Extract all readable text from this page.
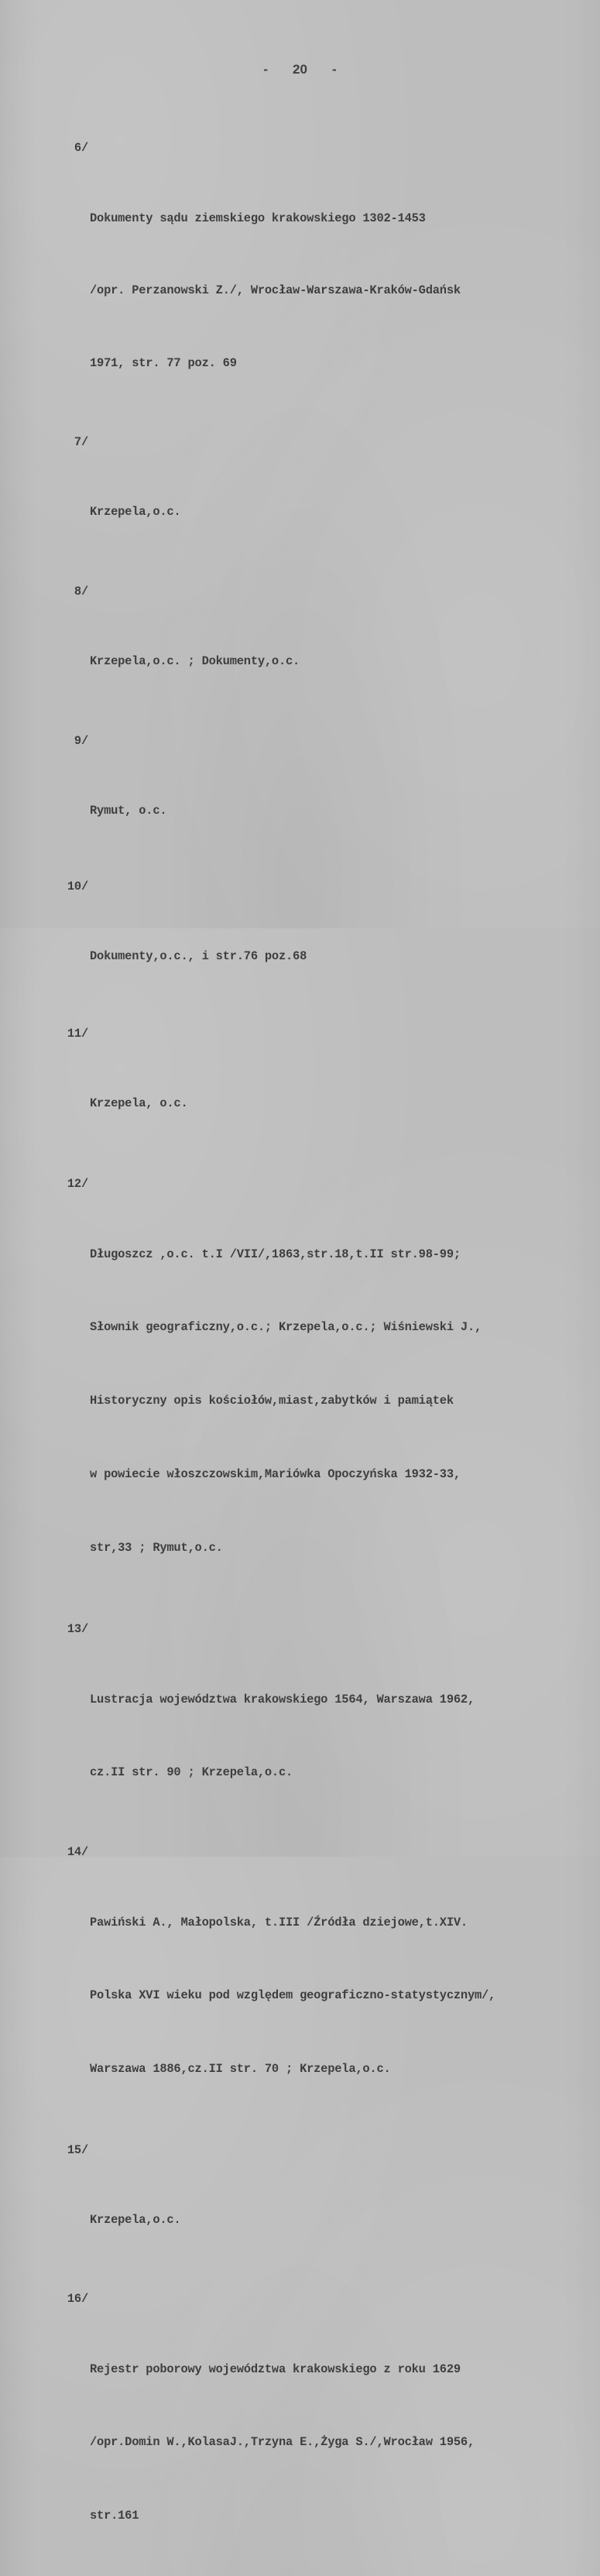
- 20 -

6/

Dokumenty sądu ziemskiego krakowskiego 1302-1453

/opr. Perzanowski Z./, Wrocław-Warszawa-Kraków-Gdańsk

1971, str. 77 poz. 69

7/

Krzepela,o.c.

8/

Krzepela,o.c. ; Dokumenty,o.c.

9/

Rymut, o.c.

10/

Dokumenty,o.c., i str.76 poz.68

11/

Krzepela, o.c.

12/

Długoszcz ,o.c. t.I /VII/,1863,str.18,t.II str.98-99;

Słownik geograficzny,o.c.; Krzepela,o.c.; Wiśniewski J.,

Historyczny opis kościołów,miast,zabytków i pamiątek

w powiecie włoszczowskim,Mariówka Opoczyńska 1932-33,

str,33 ; Rymut,o.c.

13/

Lustracja województwa krakowskiego 1564, Warszawa 1962,

cz.II str. 90 ; Krzepela,o.c.

14/

Pawiński A., Małopolska, t.III /Źródła dziejowe,t.XIV.

Polska XVI wieku pod względem geograficzno-statystycznym/,

Warszawa 1886,cz.II str. 70 ; Krzepela,o.c.

15/

Krzepela,o.c.

16/

Rejestr poborowy województwa krakowskiego z roku 1629

/opr.Domin W.,KolasaJ.,Trzyna E.,Żyga S./,Wrocław 1956,

str.161
